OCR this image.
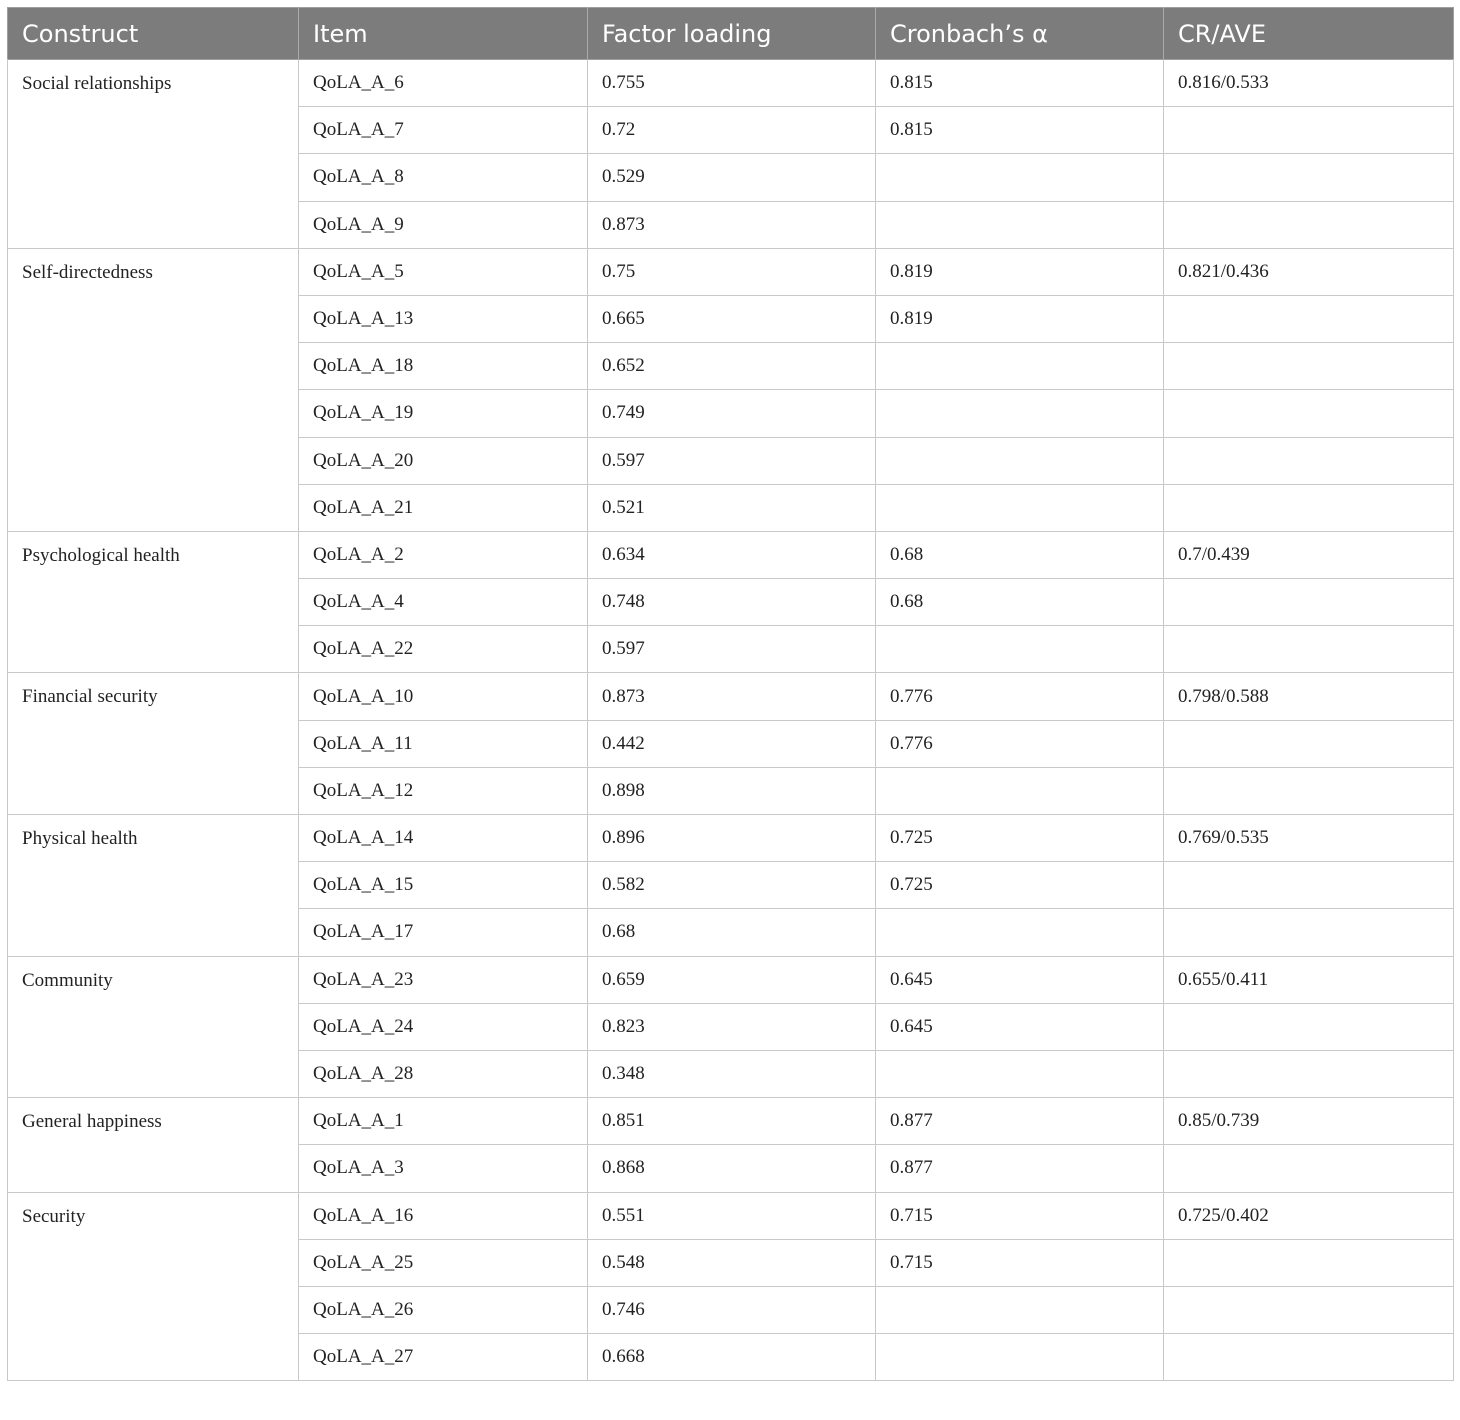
Construct	Item	Factor loading	Cronbach’s α	CR/AVE
Social relationships	QoLA_A_6	0.755	0.815	0.816/0.533
	QoLA_A_7	0.72	0.815	
	QoLA_A_8	0.529		
	QoLA_A_9	0.873		
Self-directedness	QoLA_A_5	0.75	0.819	0.821/0.436
	QoLA_A_13	0.665	0.819	
	QoLA_A_18	0.652		
	QoLA_A_19	0.749		
	QoLA_A_20	0.597		
	QoLA_A_21	0.521		
Psychological health	QoLA_A_2	0.634	0.68	0.7/0.439
	QoLA_A_4	0.748	0.68	
	QoLA_A_22	0.597		
Financial security	QoLA_A_10	0.873	0.776	0.798/0.588
	QoLA_A_11	0.442	0.776	
	QoLA_A_12	0.898		
Physical health	QoLA_A_14	0.896	0.725	0.769/0.535
	QoLA_A_15	0.582	0.725	
	QoLA_A_17	0.68		
Community	QoLA_A_23	0.659	0.645	0.655/0.411
	QoLA_A_24	0.823	0.645	
	QoLA_A_28	0.348		
General happiness	QoLA_A_1	0.851	0.877	0.85/0.739
	QoLA_A_3	0.868	0.877	
Security	QoLA_A_16	0.551	0.715	0.725/0.402
	QoLA_A_25	0.548	0.715	
	QoLA_A_26	0.746		
	QoLA_A_27	0.668		
